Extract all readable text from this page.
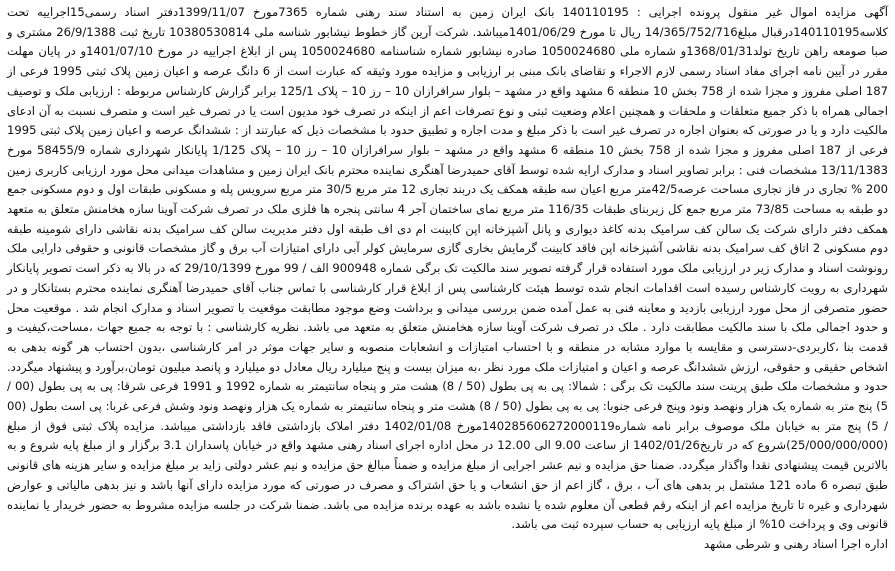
آگهی مزایده اموال غیر منقول پرونده اجرایی : 140110195 بانک ایران زمین به استناد سند رهنی شماره 7365مورخ 1399/11/07دفتر اسناد رسمی15اجراییه تحت کلاسه140110195درقبال مبلغ14/365/752/716 ریال تا مورخ 1401/06/29میباشد. شرکت آرین گاز خطوط نیشابور شناسه ملی 10380530814 تاریخ ثبت 26/9/1388 مشتری و صبا صومعه راهن تاریخ تولد1368/01/31و شماره ملی 1050024680 صادره نیشابور شماره شناسنامه 1050024680 پس از ابلاغ اجراییه در مورخ 1401/07/10و در پایان مهلت مقرر در آیین نامه اجرای مفاد اسناد رسمی لازم الاجراء و تقاضای بانک مبنی بر ارزیابی و مزایده مورد وثیقه که عبارت است از 6 دانگ عرصه و اعیان زمین پلاک ثبتی 1995 فرعی از 187 اصلی مفروز و مجزا شده از 758 بخش 10 منطقه 6 مشهد واقع در مشهد – بلوار سرافرازان 10 – رز 10 – پلاک 125/1 برابر گزارش کارشناس مربوطه : ارزیابی ملک و توصیف اجمالی همراه با ذکر جمیع متعلقات و ملحقات و همچنین اعلام وضعیت ثبتی و نوع تصرفات اعم از اینکه در تصرف خود مدیون است یا در تصرف غیر است و متصرف نسبت به آن ادعای مالکیت دارد و یا در صورتی که بعنوان اجاره در تصرف غیر است با ذکر مبلغ و مدت اجاره و تطبیق حدود با مشخصات ذیل که عبارتند از : ششدانگ عرصه و اعیان زمین پلاک ثبتی 1995 فرعی از 187 اصلی مفروز و مجزا شده از 758 بخش 10 منطقه 6 مشهد واقع در مشهد – بلوار سرافرازان 10 – رز 10 – پلاک 1/125 پایانکار شهرداری شماره 58455/9 مورخ 13/11/1383 مشخصات فنی : برابر تصاویر اسناد و مدارک ارایه شده توسط آقای حمیدرضا آهنگری نماینده محترم بانک ایران زمین و مشاهدات میدانی محل مورد ارزیابی کاربری زمین 200 % تجاری در فاز تجاری مساحت عرصه42/5متر مربع اعیان سه طبقه همکف یک دربند تجاری 12 متر مربع 30/5 متر مربع سرویس پله و مسکونی طبقات اول و دوم مسکونی جمع دو طبقه به مساحت 73/85 متر مربع جمع کل زیربنای طبقات 116/35 متر مربع نمای ساختمان آجر 4 سانتی پنجره ها فلزی ملک در تصرف شرکت آوینا سازه هخامنش متعلق به متعهد همکف دفتر دارای شرکت یک سالن کف سرامیک بدنه کاغذ دیواری و پانل آشپزخانه اپن کابینت ام دی اف طبقه اول دفتر مدیریت سالن کف سرامیک بدنه نقاشی دارای شومینه طبقه دوم مسکونی 2 اتاق کف سرامیک بدنه نقاشی آشپزخانه اپن فاقد کابینت گرمایش بخاری گازی سرمایش کولر آبی دارای امتیازات آب برق و گاز مشخصات قانونی و حقوقی دارایی ملک رونوشت اسناد و مدارک زیر در ارزیابی ملک مورد استفاده قرار گرفته تصویر سند مالکیت تک برگی شماره 900948 الف / 99 مورخ 29/10/1399 که در بالا به ذکر است تصویر پایانکار شهرداری به رویت کارشناس رسیده است اقدامات انجام شده توسط هیئت کارشناسی پس از ابلاغ قرار کارشناسی با تماس جناب آقای حمیدرضا آهنگری نماینده محترم بستانکار و در حضور متصرفی از محل مورد ارزیابی بازدید و معاینه فنی به عمل آمده ضمن بررسی میدانی و برداشت وضع موجود مطابقت موقعیت با تصویر اسناد و مدارک انجام شد . موقعیت محل و حدود اجمالی ملک با سند مالکیت مطابقت دارد . ملک در تصرف شرکت آوینا سازه هخامنش متعلق به متعهد می باشد. نظریه کارشناسی : با توجه به جمیع جهات ،مساحت،کیفیت و قدمت بنا ،کاربردی-دسترسی و مقایسه با موارد مشابه در منطقه و با احتساب امتیازات و انشعابات منصوبه و سایر جهات موثر در امر کارشناسی ،بدون احتساب هر گونه بدهی به اشخاص حقیقی و حقوقی، ارزش ششدانگ عرصه و اعیان و امتیازات ملک مورد نظر ،به میزان بیست و پنج میلیارد ریال معادل دو میلیارد و پانصد میلیون تومان،برآورد و پیشنهاد میگردد. حدود و مشخصات ملک طبق پرینت سند مالکیت تک برگی : شمالا: پی به پی بطول (50 / 8) هشت متر و پنجاه سانتیمتر به شماره 1992 و 1991 فرعی شرقا: پی به پی بطول (00 / 5) پنج متر به شماره یک هزار ونهصد ونود وپنج فرعی جنوبا: پی به پی بطول (50 / 8) هشت متر و پنجاه سانتیمتر به شماره یک هزار ونهصد ونود وشش فرعی غربا: پی است بطول (00 / 5) پنج متر به خیابان ملک موصوف برابر نامه شماره140285606272000119مورخ 1402/01/08 دفتر املاک بازداشتی فاقد بازداشتی میباشد. مزایده پلاک ثبتی فوق از مبلغ (25/000/000/000)شروع که در تاریخ1402/01/26 از ساعت 9.00 الی 12.00 در محل اداره اجرای اسناد رهنی مشهد واقع در خیابان پاسداران 3.1 برگزار و از مبلغ پایه شروع و به بالاترین قیمت پیشنهادی نقدا واگذار میگردد. ضمنا حق مزایده و نیم عشر اجرایی از مبلغ مزایده و ضمناً مبالغ حق مزایده و نیم عشر دولتی زاید بر مبلغ مزایده و سایر هزینه های قانونی طبق تبصره 6 ماده 121 مشتمل بر بدهی های آب ، برق ، گاز اعم از حق انشعاب و یا حق اشتراک و مصرف در صورتی که مورد مزایده دارای آنها باشد و نیز بدهی مالیاتی و عوارض شهرداری و غیره تا تاریخ مزایده اعم از اینکه رقم قطعی آن معلوم شده یا نشده باشد به عهده برنده مزایده می باشد. ضمنا شرکت در جلسه مزایده مشروط به حضور خریدار یا نماینده قانونی وی و پرداخت 10% از مبلغ پایه ارزیابی به حساب سپرده ثبت می باشد.

اداره اجرا اسناد رهنی و شرطی مشهد
